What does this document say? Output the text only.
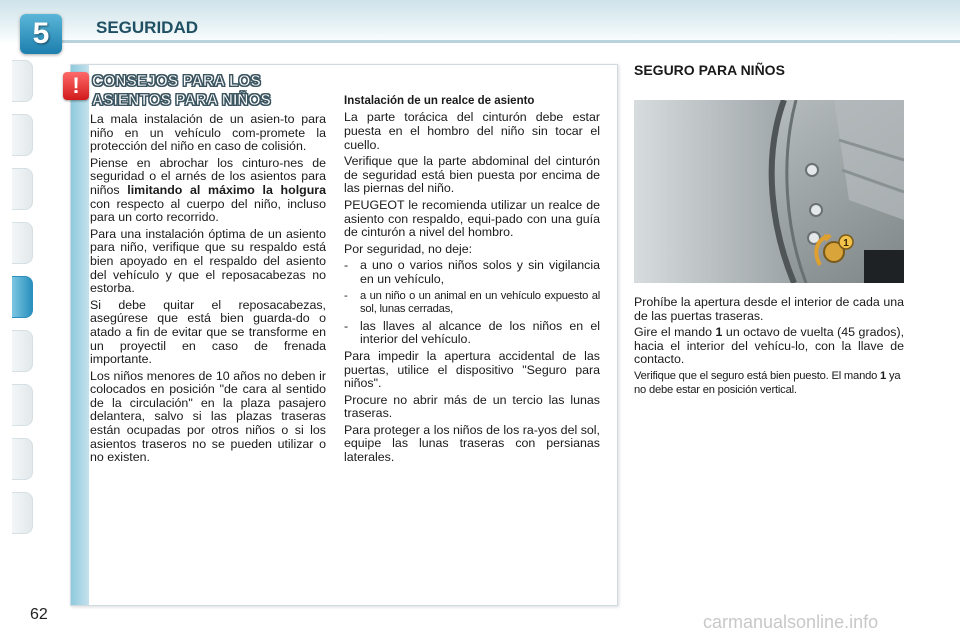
5	SEGURIDAD
! CONSEJOS PARA LOS
ASIENTOS PARA NIÑOS

La mala instalación de un asien-to para niño en un vehículo com-promete la protección del niño en caso de colisión.

Piense en abrochar los cinturo-nes de seguridad o el arnés de los asientos para niños limitando al máximo la holgura con respecto al cuerpo del niño, incluso para un corto recorrido.

Para una instalación óptima de un asiento para niño, verifique que su respaldo está bien apoyado en el respaldo del asiento del vehículo y que el reposacabezas no estorba.

Si debe quitar el reposacabezas, asegúrese que está bien guarda-do o atado a fin de evitar que se transforme en un proyectil en caso de frenada importante.

Los niños menores de 10 años no deben ir colocados en posición "de cara al sentido de la circulación" en la plaza pasajero delantera, salvo si las plazas traseras están ocupadas por otros niños o si los asientos traseros no se pueden utilizar o no existen.

Instalación de un realce de asiento

La parte torácica del cinturón debe estar puesta en el hombro del niño sin tocar el cuello.

Verifique que la parte abdominal del cinturón de seguridad está bien puesta por encima de las piernas del niño.

PEUGEOT le recomienda utilizar un realce de asiento con respaldo, equi-pado con una guía de cinturón a nivel del hombro.

Por seguridad, no deje:

- a uno o varios niños solos y sin vigilancia en un vehículo,
-	a un niño o un animal en un vehículo expuesto al sol, lunas cerradas,
- las llaves al alcance de los niños en el interior del vehículo.

Para impedir la apertura accidental de las puertas, utilice el dispositivo "Seguro para niños".

Procure no abrir más de un tercio las lunas traseras.

Para proteger a los niños de los ra-yos del sol, equipe las lunas traseras con persianas laterales.

SEGURO PARA NIÑOS
1

Prohíbe la apertura desde el interior de cada una de las puertas traseras.

Gire el mando 1 un octavo de vuelta (45 grados), hacia el interior del vehícu-lo, con la llave de contacto.

Verifique que el seguro está bien puesto. El mando 1 ya no debe estar en posición vertical.

62	carmanualsonline.info
